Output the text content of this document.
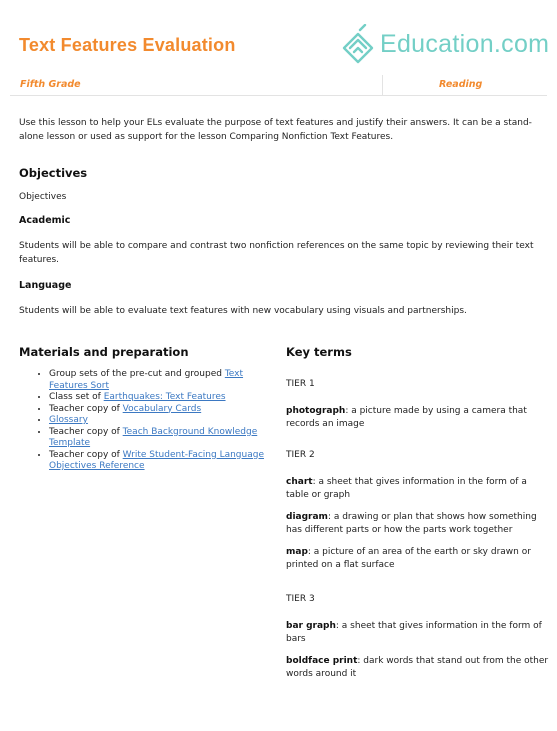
Text Features Evaluation	Education.com
Fifth Grade	Reading

Use this lesson to help your ELs evaluate the purpose of text features and justify their answers. It can be a stand-alone lesson or used as support for the lesson Comparing Nonfiction Text Features.

Objectives

Objectives

Academic

Students will be able to compare and contrast two nonfiction references on the same topic by reviewing their text features.

Language

Students will be able to evaluate text features with new vocabulary using visuals and partnerships.

Materials and preparation
• Group sets of the pre-cut and grouped Text Features Sort
• Class set of Earthquakes: Text Features
• Teacher copy of Vocabulary Cards
• Glossary
• Teacher copy of Teach Background Knowledge Template
• Teacher copy of Write Student-Facing Language Objectives Reference
Key terms

TIER 1

photograph: a picture made by using a camera that records an image

TIER 2

chart: a sheet that gives information in the form of a table or graph

diagram: a drawing or plan that shows how something has different parts or how the parts work together

map: a picture of an area of the earth or sky drawn or printed on a flat surface

TIER 3

bar graph: a sheet that gives information in the form of bars

boldface print: dark words that stand out from the other words around it
